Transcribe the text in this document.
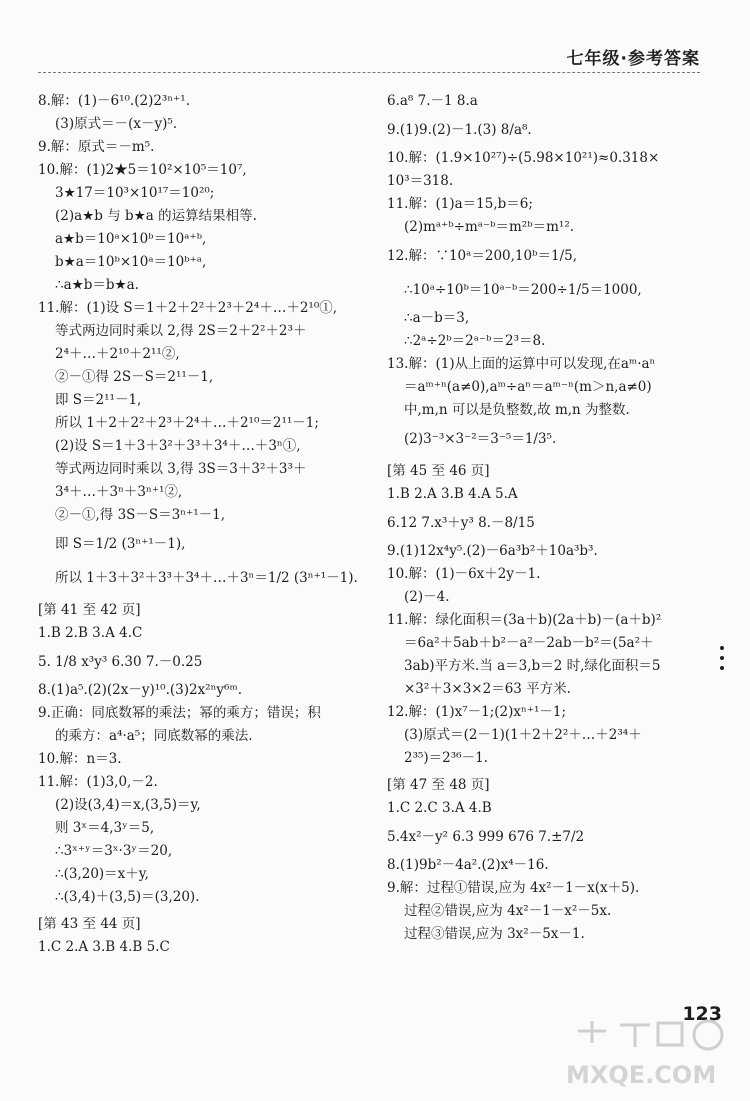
七年级·参考答案
8.解：(1)－6¹⁰.(2)2³ⁿ⁺¹.
(3)原式＝－(x－y)⁵.
9.解：原式＝－m⁵.
10.解：(1)2★5＝10²×10⁵＝10⁷,
3★17＝10³×10¹⁷＝10²⁰;
(2)a★b 与 b★a 的运算结果相等.
a★b＝10ᵃ×10ᵇ＝10ᵃ⁺ᵇ,
b★a＝10ᵇ×10ᵃ＝10ᵇ⁺ᵃ,
∴a★b＝b★a.
11.解：(1)设 S＝1＋2＋2²＋2³＋2⁴＋…＋2¹⁰①,
等式两边同时乘以 2,得 2S＝2＋2²＋2³＋
2⁴＋…＋2¹⁰＋2¹¹②,
②－①得 2S－S＝2¹¹－1,
即 S＝2¹¹－1,
所以 1＋2＋2²＋2³＋2⁴＋…＋2¹⁰＝2¹¹－1;
(2)设 S＝1＋3＋3²＋3³＋3⁴＋…＋3ⁿ①,
等式两边同时乘以 3,得 3S＝3＋3²＋3³＋
3⁴＋…＋3ⁿ＋3ⁿ⁺¹②,
②－①,得 3S－S＝3ⁿ⁺¹－1,
即 S＝1/2 (3ⁿ⁺¹－1),
所以 1＋3＋3²＋3³＋3⁴＋…＋3ⁿ＝1/2 (3ⁿ⁺¹－1).
[第 41 至 42 页]
1.B 2.B 3.A 4.C
5. 1/8 x³y³ 6.30 7.－0.25
8.(1)a⁵.(2)(2x－y)¹⁰.(3)2x²ⁿy⁶ᵐ.
9.正确：同底数幂的乘法；幂的乘方；错误；积
的乘方：a⁴·a⁵；同底数幂的乘法.
10.解：n＝3.
11.解：(1)3,0,－2.
(2)设(3,4)＝x,(3,5)＝y,
则 3ˣ＝4,3ʸ＝5,
∴3ˣ⁺ʸ＝3ˣ·3ʸ＝20,
∴(3,20)＝x＋y,
∴(3,4)＋(3,5)＝(3,20).
[第 43 至 44 页]
1.C 2.A 3.B 4.B 5.C
6.a⁸ 7.－1 8.a
9.(1)9.(2)－1.(3) 8/a⁸.
10.解：(1.9×10²⁷)÷(5.98×10²¹)≈0.318×
10³＝318.
11.解：(1)a＝15,b＝6;
(2)mᵃ⁺ᵇ÷mᵃ⁻ᵇ＝m²ᵇ＝m¹².
12.解：∵10ᵃ＝200,10ᵇ＝1/5,
∴10ᵃ÷10ᵇ＝10ᵃ⁻ᵇ＝200÷1/5＝1000,
∴a－b＝3,
∴2ᵃ÷2ᵇ＝2ᵃ⁻ᵇ＝2³＝8.
13.解：(1)从上面的运算中可以发现,在aᵐ·aⁿ
＝aᵐ⁺ⁿ(a≠0),aᵐ÷aⁿ＝aᵐ⁻ⁿ(m＞n,a≠0)
中,m,n 可以是负整数,故 m,n 为整数.
(2)3⁻³×3⁻²＝3⁻⁵＝1/3⁵.
[第 45 至 46 页]
1.B 2.A 3.B 4.A 5.A
6.12 7.x³＋y³ 8.－8/15
9.(1)12x⁴y⁵.(2)－6a³b²＋10a³b³.
10.解：(1)－6x＋2y－1.
(2)－4.
11.解：绿化面积＝(3a＋b)(2a＋b)－(a＋b)²
＝6a²＋5ab＋b²－a²－2ab－b²＝(5a²＋
3ab)平方米.当 a＝3,b＝2 时,绿化面积＝5
×3²＋3×3×2＝63 平方米.
12.解：(1)x⁷－1;(2)xⁿ⁺¹－1;
(3)原式＝(2－1)(1＋2＋2²＋…＋2³⁴＋
2³⁵)＝2³⁶－1.
[第 47 至 48 页]
1.C 2.C 3.A 4.B
5.4x²－y² 6.3 999 676 7.±7/2
8.(1)9b²－4a².(2)x⁴－16.
9.解：过程①错误,应为 4x²－1－x(x＋5).
过程②错误,应为 4x²－1－x²－5x.
过程③错误,应为 3x²－5x－1.
123
MXQE.COM
